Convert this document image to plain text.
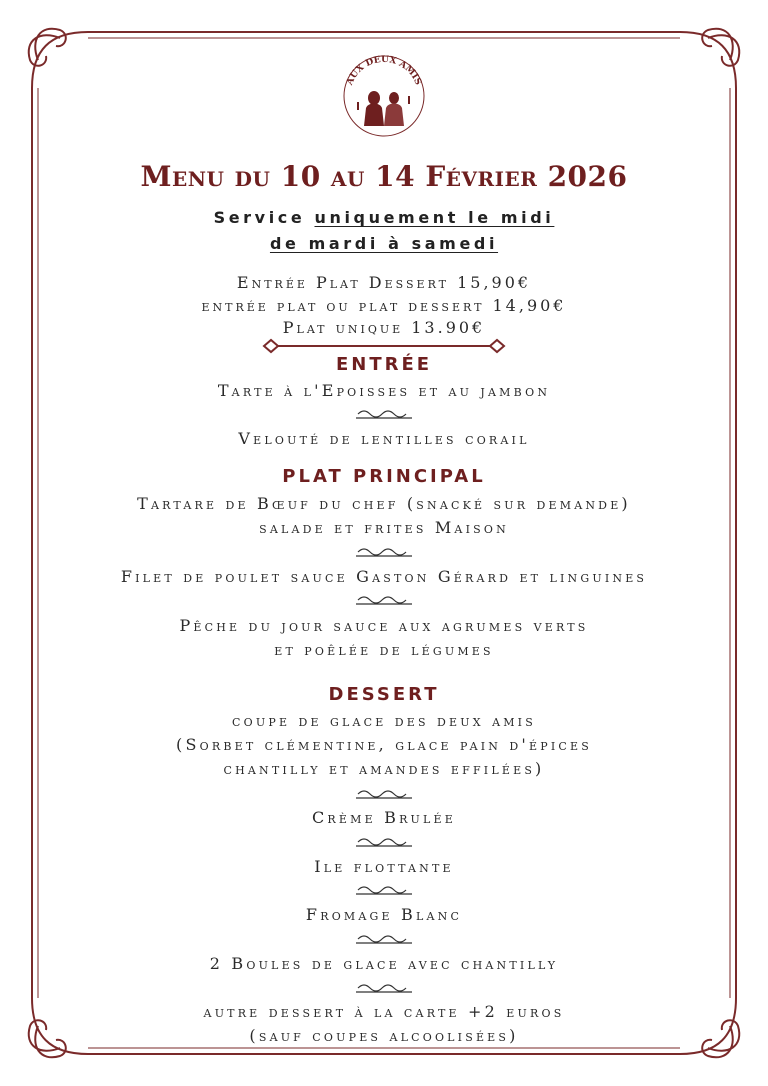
AUX DEUX AMIS
Menu du 10 au 14 Février 2026
Service uniquement le midi
de mardi à samedi
Entrée Plat Dessert 15,90€
entrée plat ou plat dessert 14,90€
Plat unique 13.90€
ENTRÉE
Tarte à l'Epoisses et au jambon
Velouté de lentilles corail
PLAT PRINCIPAL
Tartare de Bœuf du chef (snacké sur demande)
salade et frites Maison
Filet de poulet sauce Gaston Gérard et linguines
Pêche du jour sauce aux agrumes verts
et poêlée de légumes
DESSERT
coupe de glace des deux amis
(Sorbet clémentine, glace pain d'épices
chantilly et amandes effilées)
Crème Brulée
Ile flottante
Fromage Blanc
2 Boules de glace avec chantilly
autre dessert à la carte +2 euros
(sauf coupes alcoolisées)
